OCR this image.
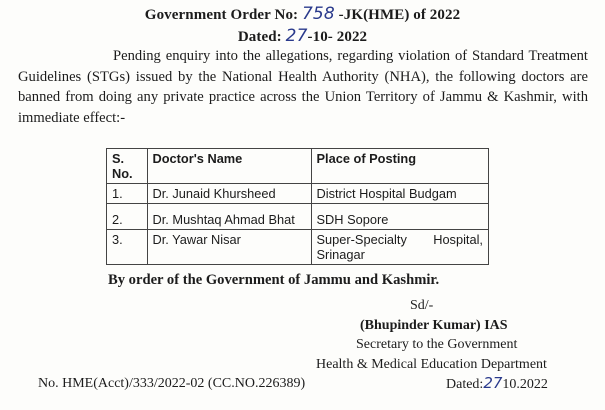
Government Order No: 758 -JK(HME) of 2022
Dated: 27-10- 2022
Pending enquiry into the allegations, regarding violation of Standard Treatment Guidelines (STGs) issued by the National Health Authority (NHA), the following doctors are banned from doing any private practice across the Union Territory of Jammu & Kashmir, with immediate effect:-
S. No.	Doctor's Name	Place of Posting
1.	Dr. Junaid Khursheed	District Hospital Budgam
2.	Dr. Mushtaq Ahmad Bhat	SDH Sopore
3.	Dr. Yawar Nisar	Super-Specialty Hospital,
Srinagar
By order of the Government of Jammu and Kashmir.
Sd/-
(Bhupinder Kumar) IAS
Secretary to the Government
Health & Medical Education Department
No. HME(Acct)/333/2022-02 (CC.NO.226389)	Dated:2710.2022
